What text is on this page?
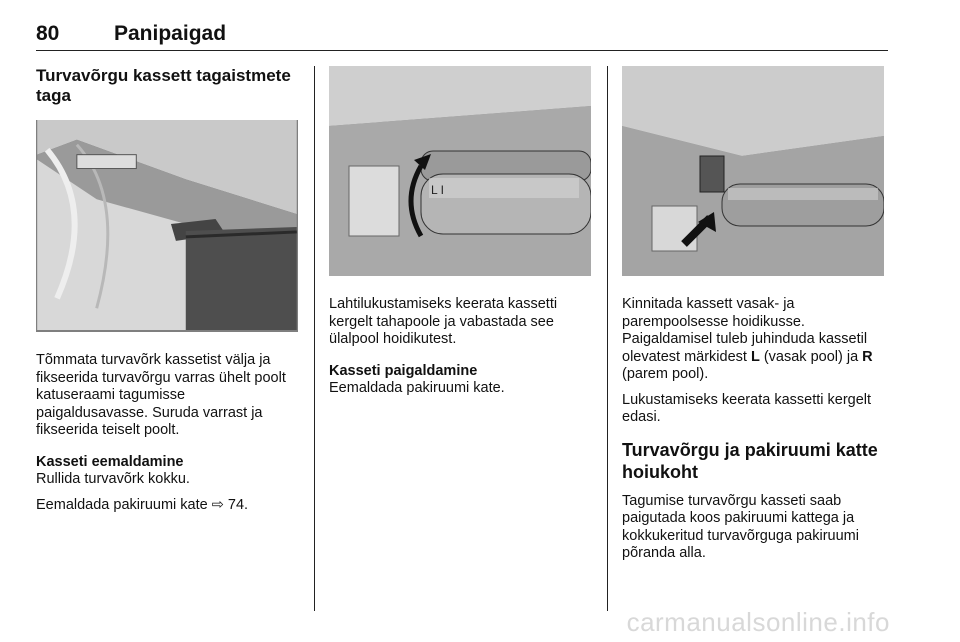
80	Panipaigad
Turvavõrgu kassett tagaistmete taga
Tõmmata turvavõrk kassetist välja ja fikseerida turvavõrgu varras ühelt poolt katuseraami tagumisse paigaldusavasse. Suruda varrast ja fikseerida teiselt poolt.
Kasseti eemaldamine
Rullida turvavõrk kokku.
Eemaldada pakiruumi kate ⇨ 74.
L I
Lahtilukustamiseks keerata kassetti kergelt tahapoole ja vabastada see ülalpool hoidikutest.
Kasseti paigaldamine
Eemaldada pakiruumi kate.
Kinnitada kassett vasak- ja parempoolsesse hoidikusse. Paigaldamisel tuleb juhinduda kassetil olevatest märkidest L (vasak pool) ja R (parem pool).
Lukustamiseks keerata kassetti kergelt edasi.
Turvavõrgu ja pakiruumi katte hoiukoht
Tagumise turvavõrgu kasseti saab paigutada koos pakiruumi kattega ja kokkukeritud turvavõrguga pakiruumi põranda alla.
carmanualsonline.info
